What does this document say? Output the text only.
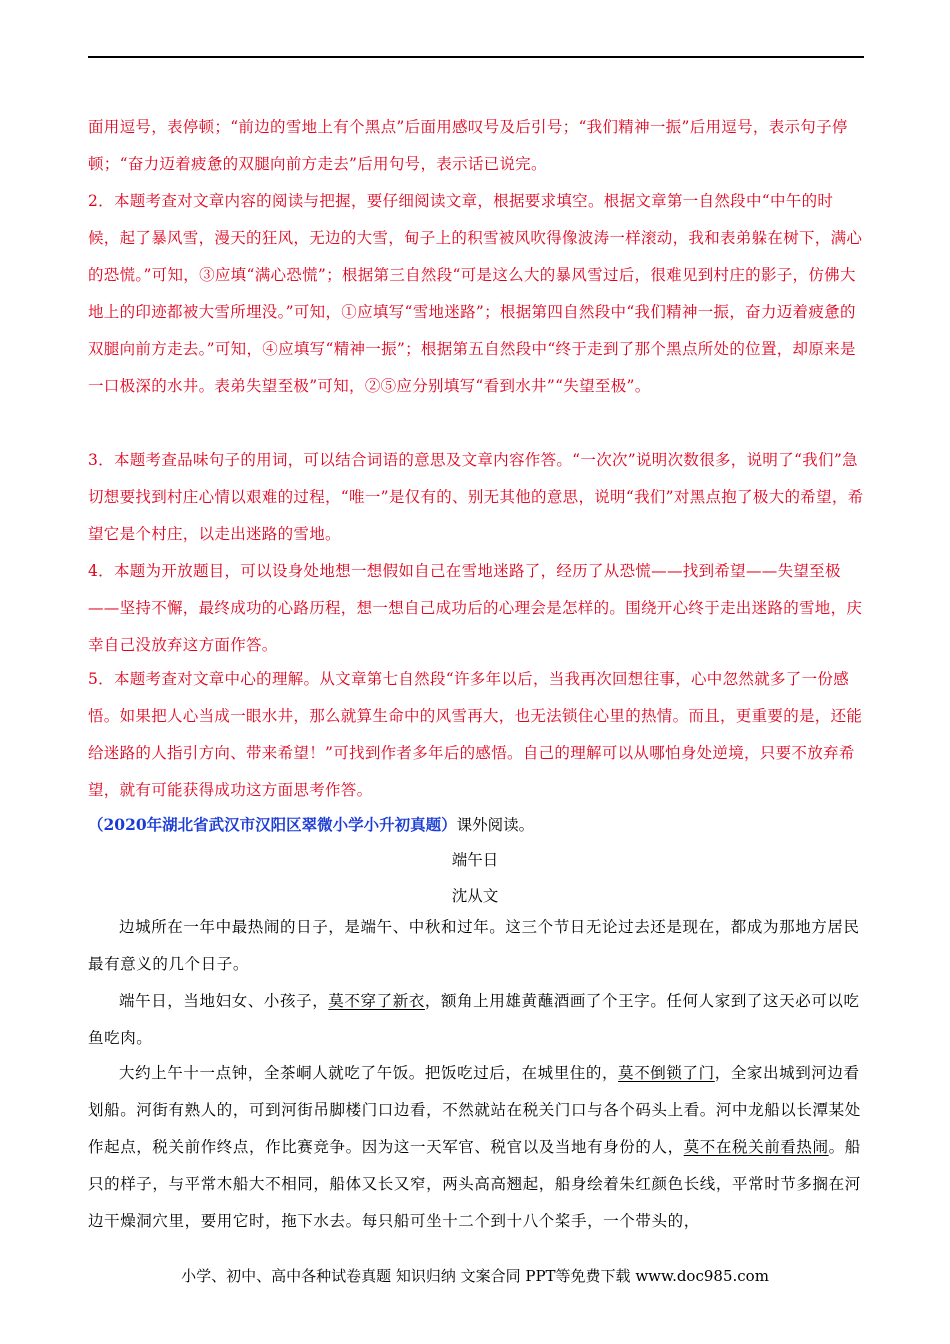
面用逗号，表停顿；“前边的雪地上有个黑点”后面用感叹号及后引号；“我们精神一振”后用逗号，表示句子停顿；“奋力迈着疲惫的双腿向前方走去”后用句号，表示话已说完。

2．本题考查对文章内容的阅读与把握，要仔细阅读文章，根据要求填空。根据文章第一自然段中“中午的时候，起了暴风雪，漫天的狂风，无边的大雪，甸子上的积雪被风吹得像波涛一样滚动，我和表弟躲在树下，满心的恐慌。”可知，③应填“满心恐慌”；根据第三自然段“可是这么大的暴风雪过后，很难见到村庄的影子，仿佛大地上的印迹都被大雪所埋没。”可知，①应填写“雪地迷路”；根据第四自然段中“我们精神一振，奋力迈着疲惫的双腿向前方走去。”可知，④应填写“精神一振”；根据第五自然段中“终于走到了那个黑点所处的位置，却原来是一口极深的水井。表弟失望至极”可知，②⑤应分别填写“看到水井”“失望至极”。

3．本题考查品味句子的用词，可以结合词语的意思及文章内容作答。“一次次”说明次数很多，说明了“我们”急切想要找到村庄心情以艰难的过程，“唯一”是仅有的、别无其他的意思，说明“我们”对黑点抱了极大的希望，希望它是个村庄，以走出迷路的雪地。

4．本题为开放题目，可以设身处地想一想假如自己在雪地迷路了，经历了从恐慌——找到希望——失望至极——坚持不懈，最终成功的心路历程，想一想自己成功后的心理会是怎样的。围绕开心终于走出迷路的雪地，庆幸自己没放弃这方面作答。

5．本题考查对文章中心的理解。从文章第七自然段“许多年以后，当我再次回想往事，心中忽然就多了一份感悟。如果把人心当成一眼水井，那么就算生命中的风雪再大，也无法锁住心里的热情。而且，更重要的是，还能给迷路的人指引方向、带来希望！”可找到作者多年后的感悟。自己的理解可以从哪怕身处逆境，只要不放弃希望，就有可能获得成功这方面思考作答。

（2020年湖北省武汉市汉阳区翠微小学小升初真题）课外阅读。

端午日

沈从文

边城所在一年中最热闹的日子，是端午、中秋和过年。这三个节日无论过去还是现在，都成为那地方居民最有意义的几个日子。

端午日，当地妇女、小孩子，莫不穿了新衣，额角上用雄黄蘸酒画了个王字。任何人家到了这天必可以吃鱼吃肉。

大约上午十一点钟，全茶峒人就吃了午饭。把饭吃过后，在城里住的，莫不倒锁了门，全家出城到河边看划船。河街有熟人的，可到河街吊脚楼门口边看，不然就站在税关门口与各个码头上看。河中龙船以长潭某处作起点，税关前作终点，作比赛竞争。因为这一天军官、税官以及当地有身份的人，莫不在税关前看热闹。船只的样子，与平常木船大不相同，船体又长又窄，两头高高翘起，船身绘着朱红颜色长线，平常时节多搁在河边干燥洞穴里，要用它时，拖下水去。每只船可坐十二个到十八个桨手，一个带头的，

小学、初中、高中各种试卷真题 知识归纳 文案合同 PPT等免费下载 www.doc985.com
